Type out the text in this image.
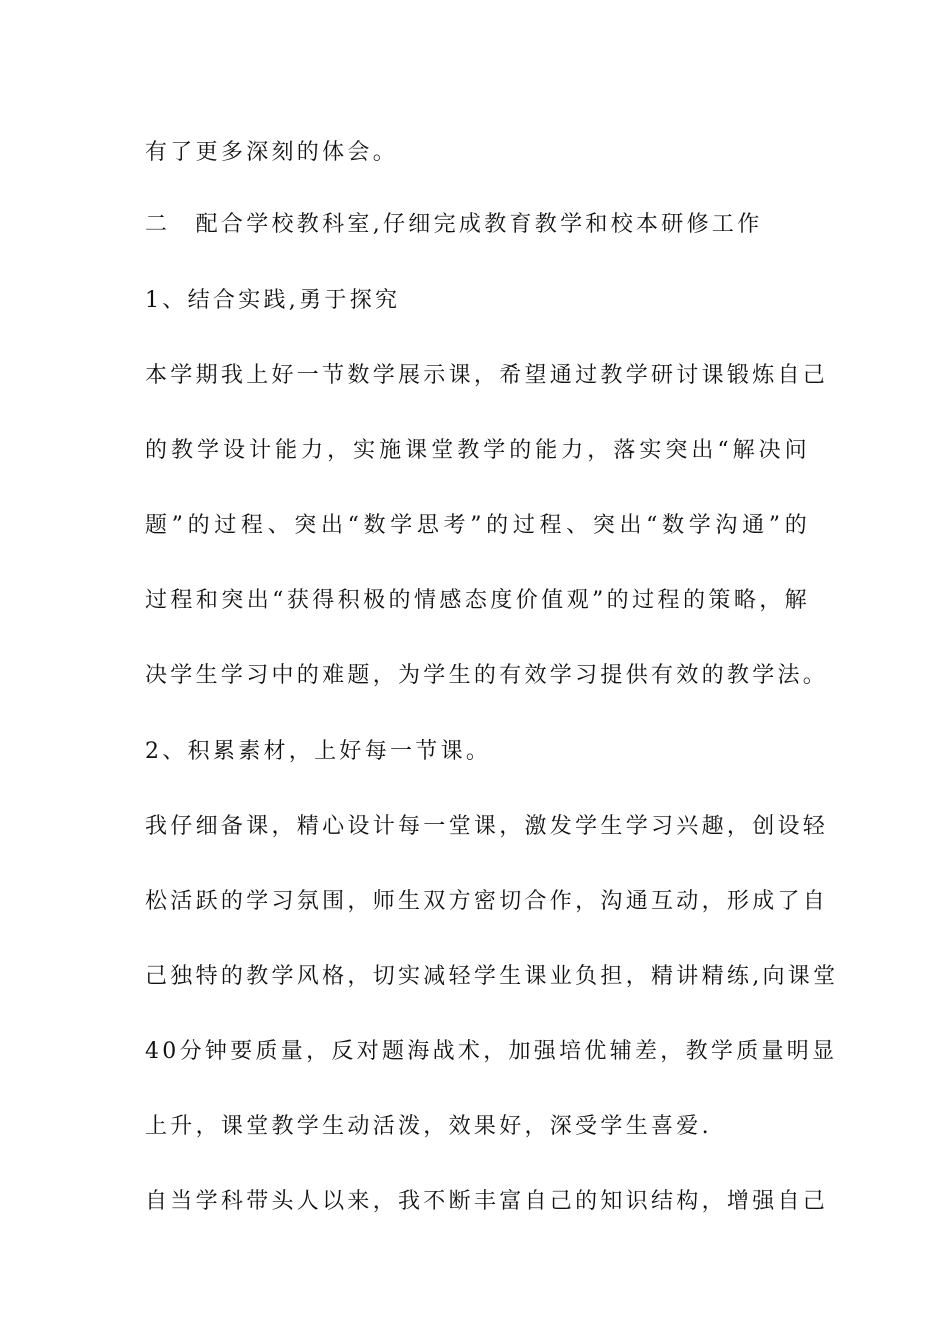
有了更多深刻的体会。
二　配合学校教科室,仔细完成教育教学和校本研修工作
1、结合实践,勇于探究
本学期我上好一节数学展示课，希望通过教学研讨课锻炼自己
的教学设计能力，实施课堂教学的能力，落实突出“解决问
题”的过程、突出“数学思考”的过程、突出“数学沟通”的
过程和突出“获得积极的情感态度价值观”的过程的策略，解
决学生学习中的难题，为学生的有效学习提供有效的教学法。
2、积累素材，上好每一节课。
我仔细备课，精心设计每一堂课，激发学生学习兴趣，创设轻
松活跃的学习氛围，师生双方密切合作，沟通互动，形成了自
己独特的教学风格，切实减轻学生课业负担，精讲精练,向课堂
40分钟要质量，反对题海战术，加强培优辅差，教学质量明显
上升，课堂教学生动活泼，效果好，深受学生喜爱.
自当学科带头人以来，我不断丰富自己的知识结构，增强自己
